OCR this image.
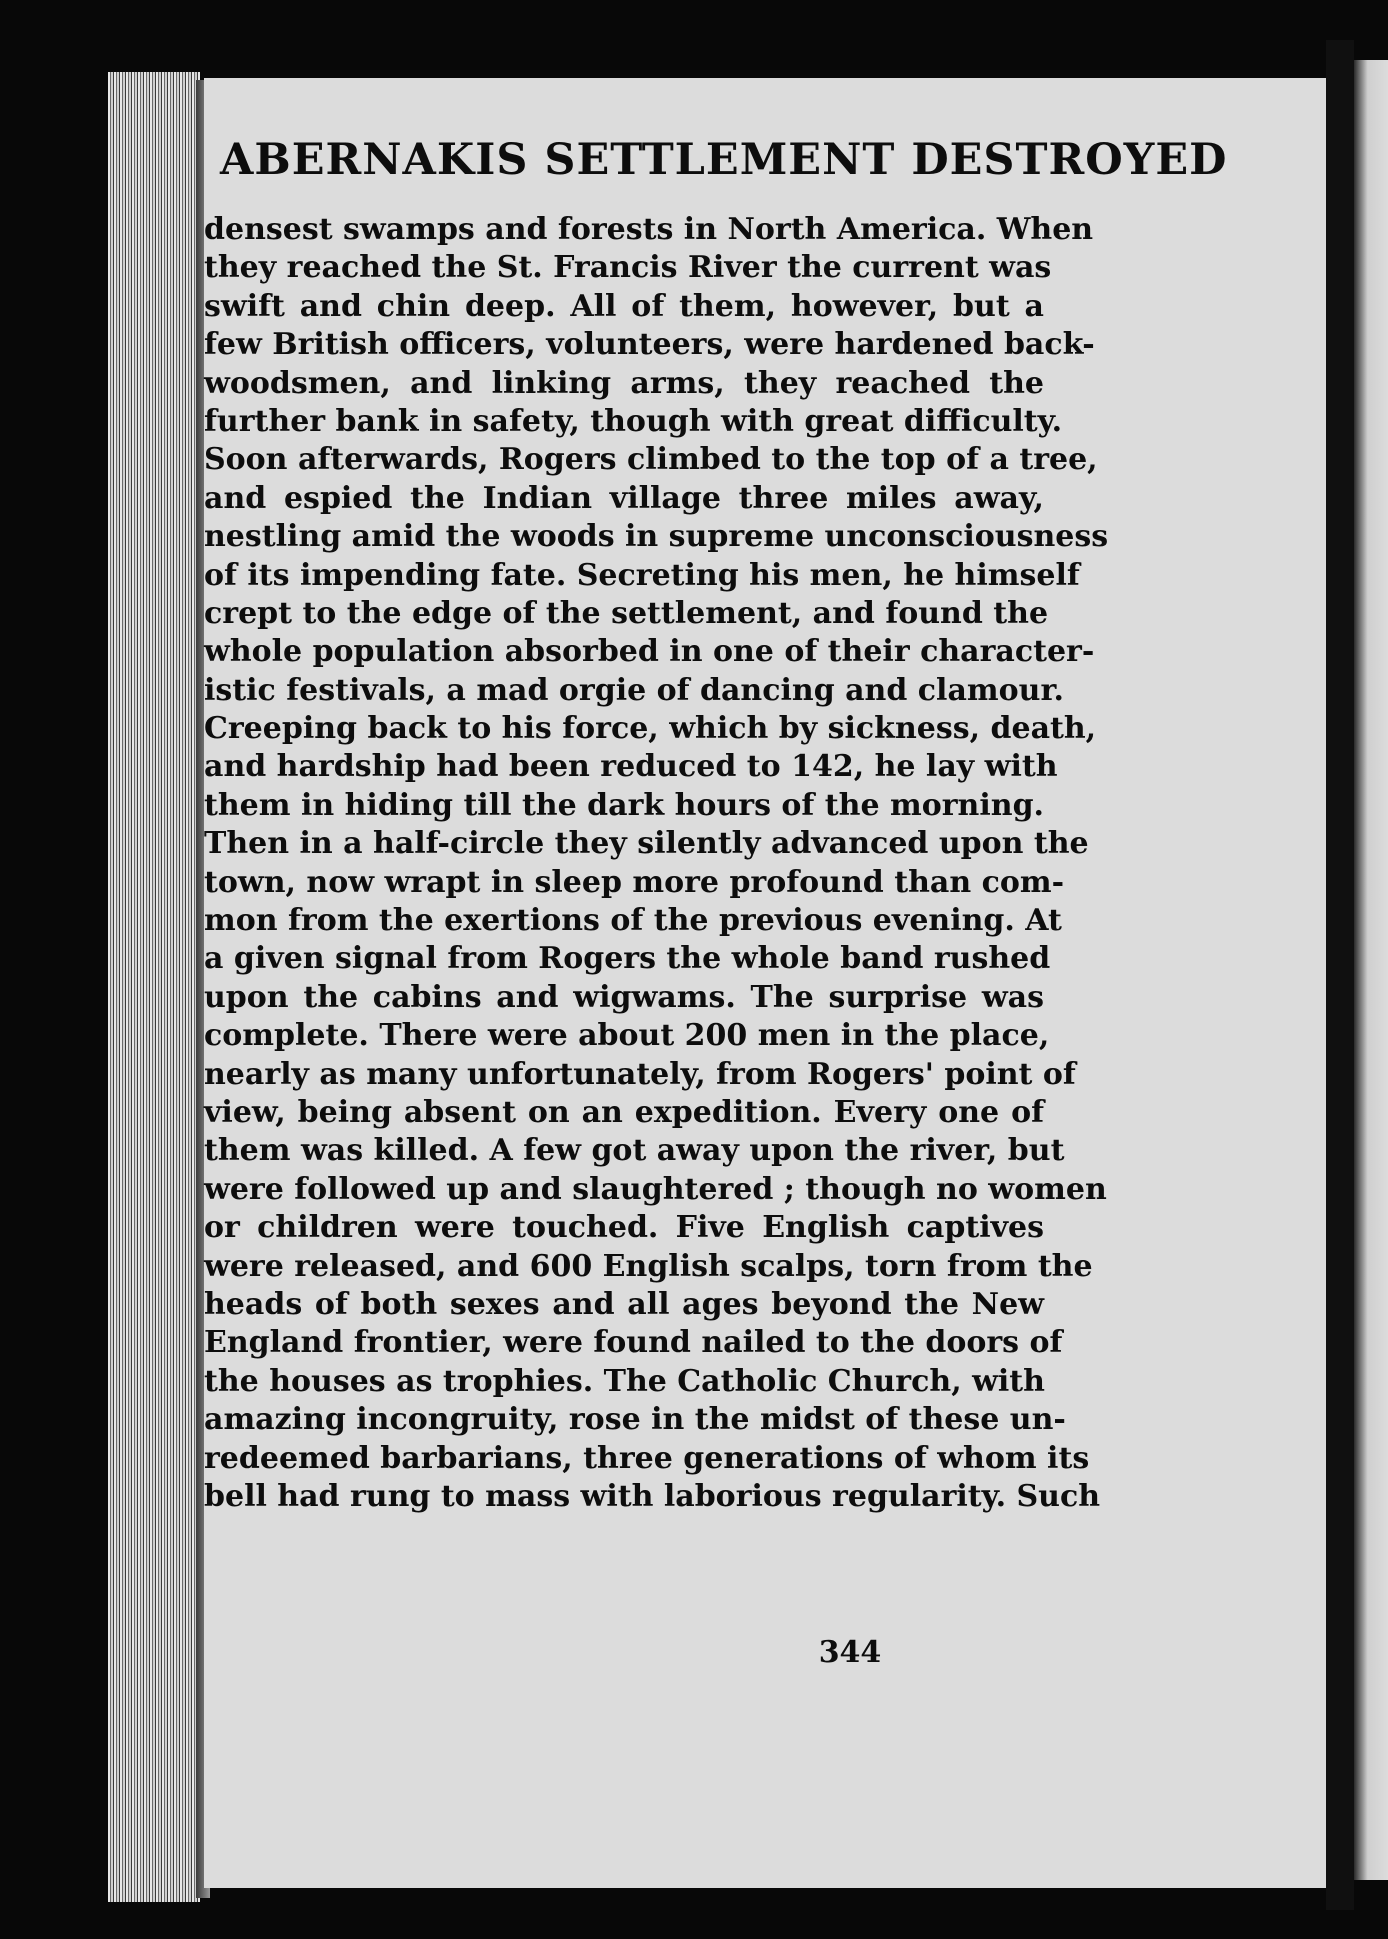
ABERNAKIS SETTLEMENT DESTROYED
densest swamps and forests in North America. When
they reached the St. Francis River the current was
swift and chin deep. All of them, however, but a
few British officers, volunteers, were hardened back-
woodsmen, and linking arms, they reached the
further bank in safety, though with great difficulty.
Soon afterwards, Rogers climbed to the top of a tree,
and espied the Indian village three miles away,
nestling amid the woods in supreme unconsciousness
of its impending fate. Secreting his men, he himself
crept to the edge of the settlement, and found the
whole population absorbed in one of their character-
istic festivals, a mad orgie of dancing and clamour.
Creeping back to his force, which by sickness, death,
and hardship had been reduced to 142, he lay with
them in hiding till the dark hours of the morning.
Then in a half-circle they silently advanced upon the
town, now wrapt in sleep more profound than com-
mon from the exertions of the previous evening. At
a given signal from Rogers the whole band rushed
upon the cabins and wigwams. The surprise was
complete. There were about 200 men in the place,
nearly as many unfortunately, from Rogers' point of
view, being absent on an expedition. Every one of
them was killed. A few got away upon the river, but
were followed up and slaughtered ; though no women
or children were touched. Five English captives
were released, and 600 English scalps, torn from the
heads of both sexes and all ages beyond the New
England frontier, were found nailed to the doors of
the houses as trophies. The Catholic Church, with
amazing incongruity, rose in the midst of these un-
redeemed barbarians, three generations of whom its
bell had rung to mass with laborious regularity. Such
344
